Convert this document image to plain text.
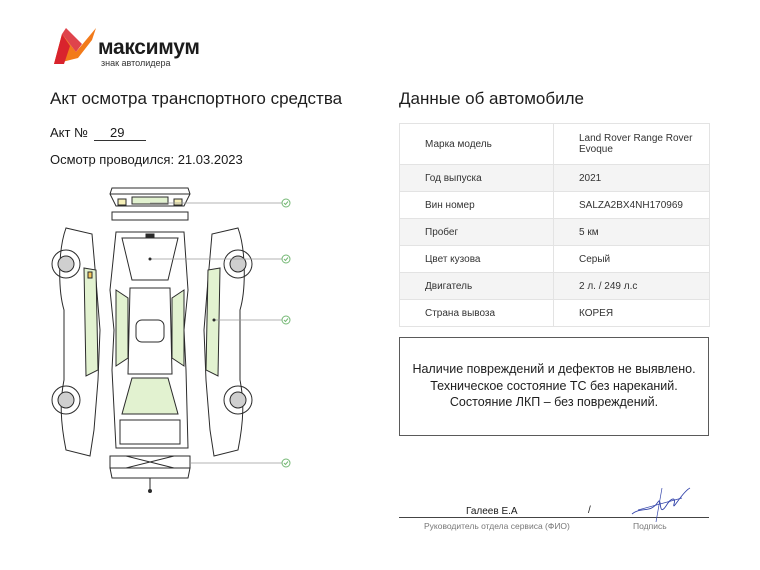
максимум
знак автолидера
Акт осмотра транспортного средства	Данные об автомобиле
Акт № 29
Осмотр проводился: 21.03.2023
Марка модель	Land Rover Range Rover Evoque
Год выпуска	2021
Вин номер	SALZA2BX4NH170969
Пробег	5 км
Цвет кузова	Серый
Двигатель	2 л. / 249 л.с
Страна вывоза	КОРЕЯ
Наличие повреждений и дефектов не выявлено.
Техническое состояние ТС без нареканий.
Состояние ЛКП – без повреждений.
Галеев Е.А	/
Руководитель отдела сервиса (ФИО)	Подпись
